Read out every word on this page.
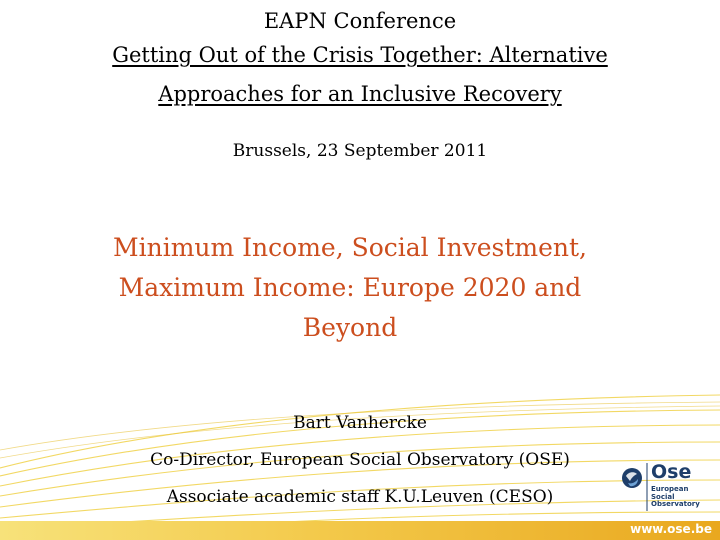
EAPN Conference
Getting Out of the Crisis Together: Alternative
Approaches for an Inclusive Recovery
Brussels, 23 September 2011
Minimum Income, Social Investment,
Maximum Income: Europe 2020 and
Beyond
Bart Vanhercke
Co-Director, European Social Observatory (OSE)
Associate academic staff K.U.Leuven (CESO)
Ose
European
Social
Observatory
www.ose.be
